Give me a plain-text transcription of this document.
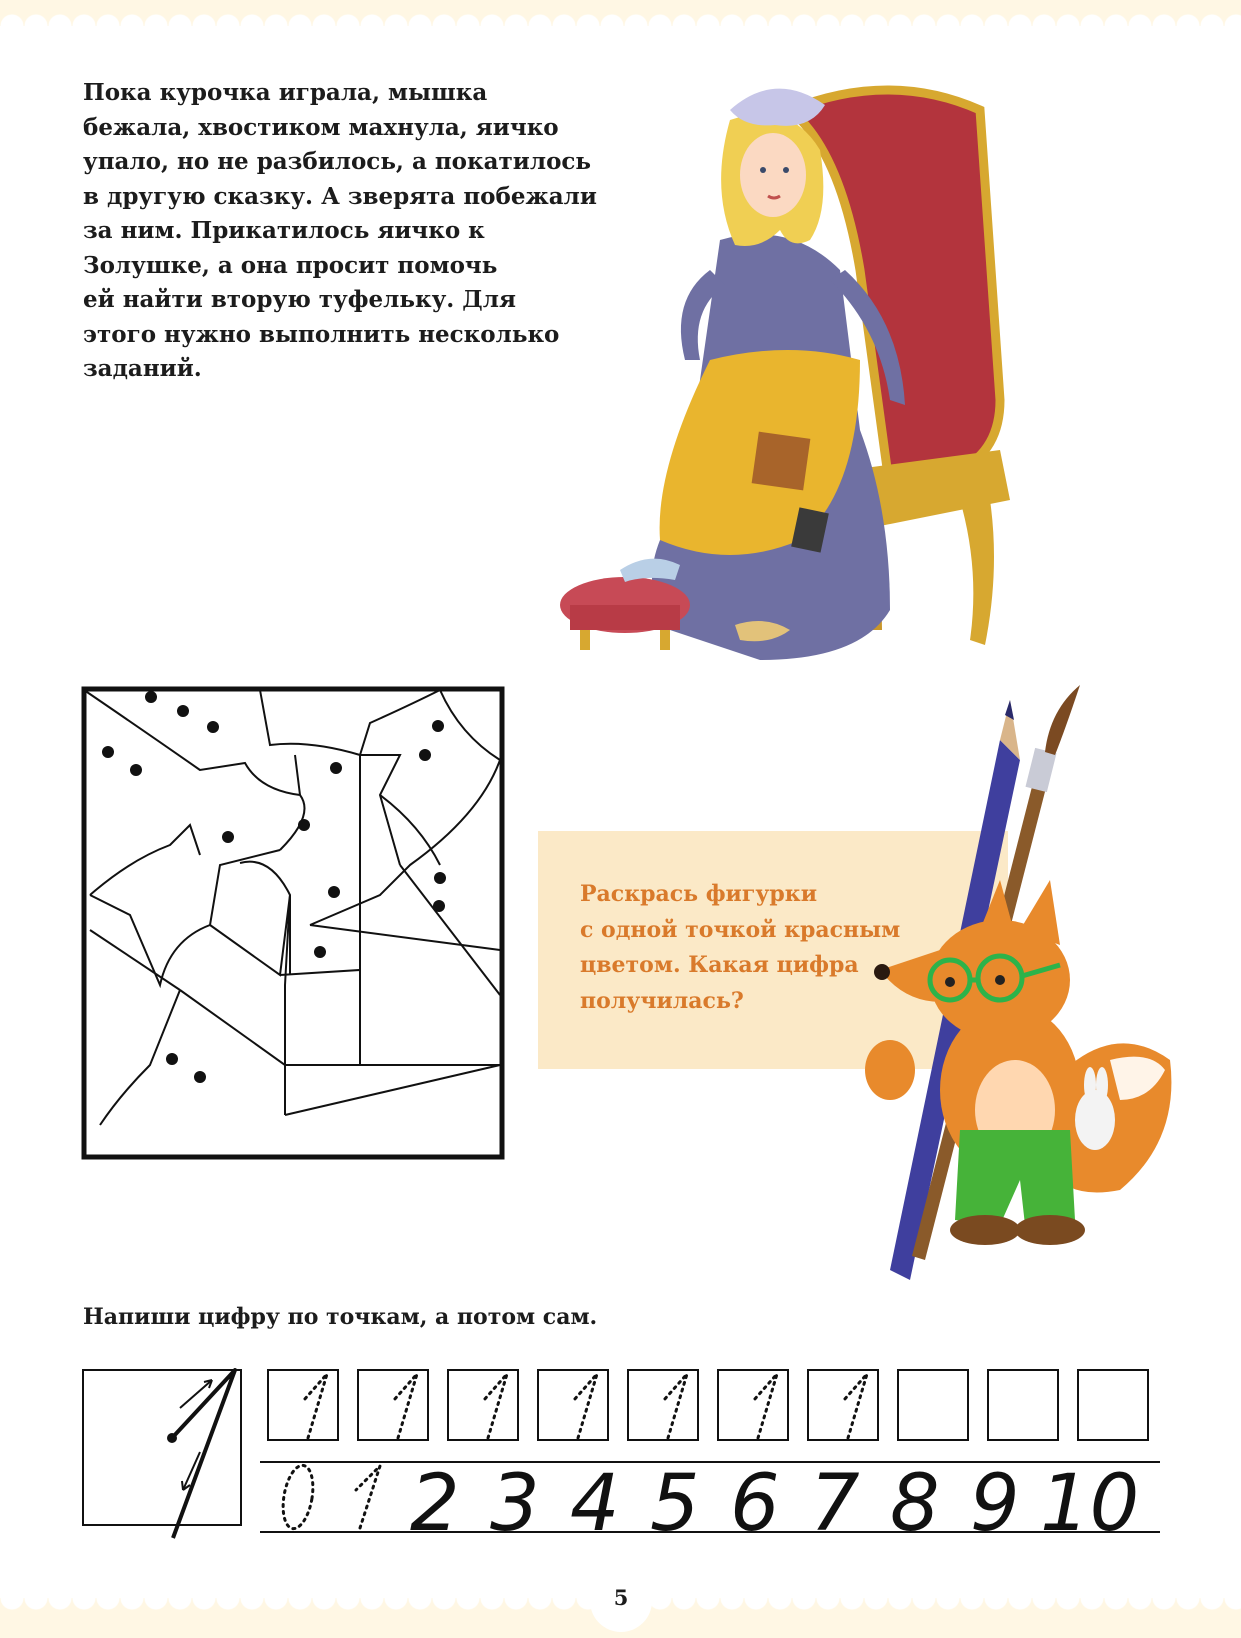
Пока курочка играла, мышка
бежала, хвостиком махнула, яичко
упало, но не разбилось, а покатилось
в другую сказку. А зверята побежали
за ним. Прикатилось яичко к
Золушке, а она просит помочь
ей найти вторую туфельку. Для
этого нужно выполнить несколько
заданий.
Раскрась фигурки
с одной точкой красным
цветом. Какая цифра
получилась?
Напиши цифру по точкам, а потом сам.
2 3 4 5 6 7 8 9 10
5
